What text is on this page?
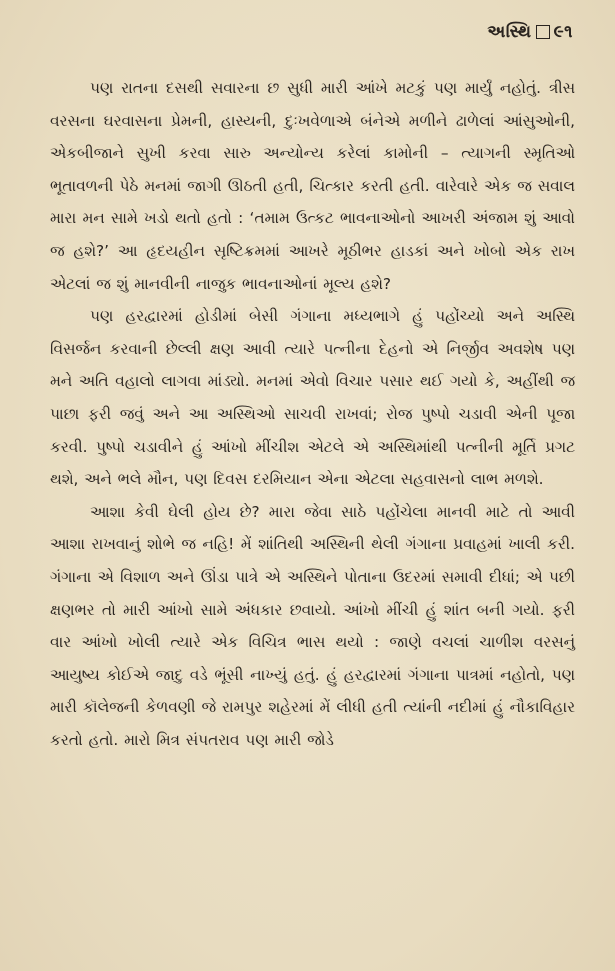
અસ્થિ ૯૧

પણ રાતના દસથી સવારના છ સુધી મારી આંખે મટકું પણ માર્યું નહોતું. ત્રીસ વરસના ઘરવાસના પ્રેમની, હાસ્યની, દુઃખવેળાએ બંનેએ મળીને ઢાળેલાં આંસુઓની, એકબીજાને સુખી કરવા સારુ અન્યોન્ય કરેલાં કામોની – ત્યાગની સ્મૃતિઓ ભૂતાવળની પેઠે મનમાં જાગી ઊઠતી હતી, ચિત્કાર કરતી હતી. વારેવારે એક જ સવાલ મારા મન સામે ખડો થતો હતો : ‘તમામ ઉત્કટ ભાવનાઓનો આખરી અંજામ શું આવો જ હશે?’ આ હૃદયહીન સૃષ્ટિક્રમમાં આખરે મૂઠીભર હાડકાં અને ખોબો એક રાખ એટલાં જ શું માનવીની નાજુક ભાવનાઓનાં મૂલ્ય હશે?

પણ હરદ્વારમાં હોડીમાં બેસી ગંગાના મધ્યભાગે હું પહોંચ્યો અને અસ્થિ વિસર્જન કરવાની છેલ્લી ક્ષણ આવી ત્યારે પત્નીના દેહનો એ નિર્જીવ અવશેષ પણ મને અતિ વહાલો લાગવા માંડ્યો. મનમાં એવો વિચાર પસાર થઈ ગયો કે, અહીંથી જ પાછા ફરી જવું અને આ અસ્થિઓ સાચવી રાખવાં; રોજ પુષ્પો ચડાવી એની પૂજા કરવી. પુષ્પો ચડાવીને હું આંખો મીંચીશ એટલે એ અસ્થિમાંથી પત્નીની મૂર્તિ પ્રગટ થશે, અને ભલે મૌન, પણ દિવસ દરમિયાન એના એટલા સહવાસનો લાભ મળશે.

આશા કેવી ઘેલી હોય છે? મારા જેવા સાઠે પહોંચેલા માનવી માટે તો આવી આશા રાખવાનું શોભે જ નહિ! મેં શાંતિથી અસ્થિની થેલી ગંગાના પ્રવાહમાં ખાલી કરી. ગંગાના એ વિશાળ અને ઊંડા પાત્રે એ અસ્થિને પોતાના ઉદરમાં સમાવી દીધાં; એ પછી ક્ષણભર તો મારી આંખો સામે અંધકાર છવાયો. આંખો મીંચી હું શાંત બની ગયો. ફરી વાર આંખો ખોલી ત્યારે એક વિચિત્ર ભાસ થયો : જાણે વચલાં ચાળીશ વરસનું આયુષ્ય કોઈએ જાદુ વડે ભૂંસી નાખ્યું હતું. હું હરદ્વારમાં ગંગાના પાત્રમાં નહોતો, પણ મારી કૉલેજની કેળવણી જે રામપુર શહેરમાં મેં લીધી હતી ત્યાંની નદીમાં હું નૌકાવિહાર કરતો હતો. મારો મિત્ર સંપતરાવ પણ મારી જોડે
